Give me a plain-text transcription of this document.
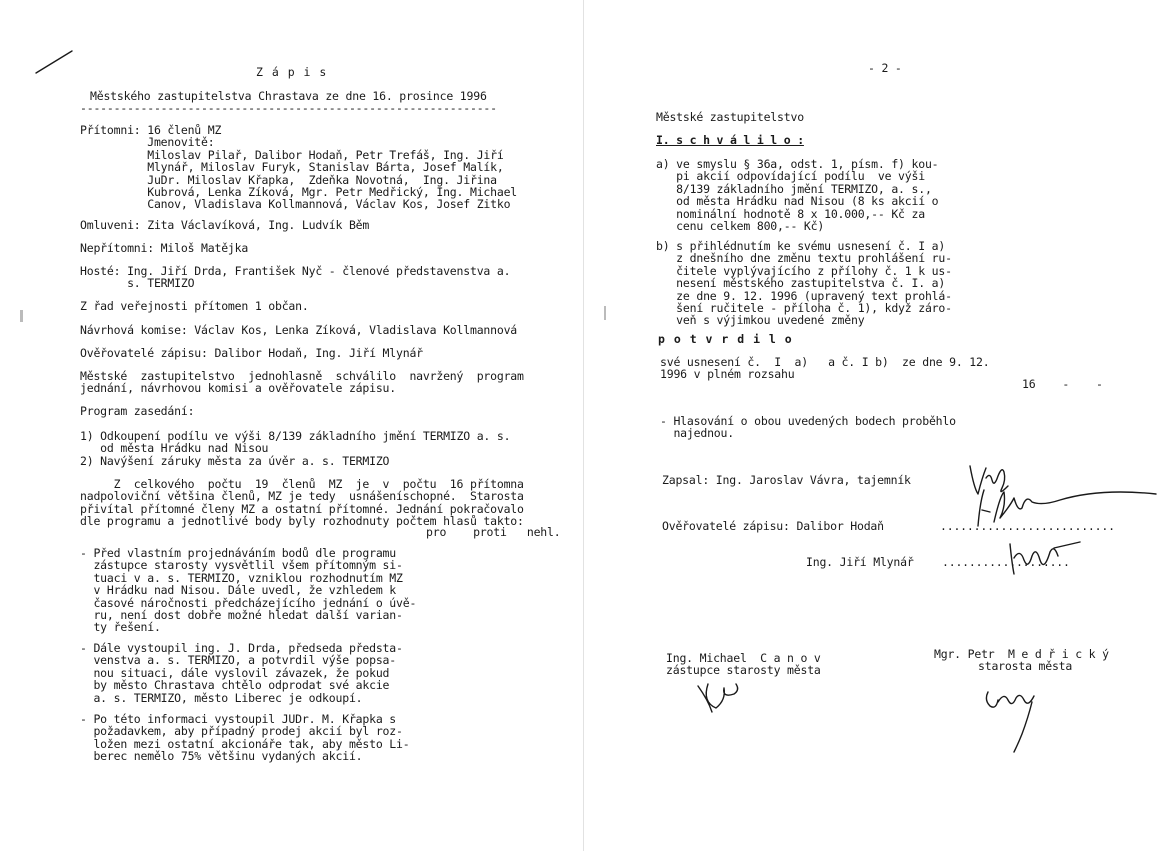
Z á p i s
Městského zastupitelstva Chrastava ze dne 16. prosince 1996
--------------------------------------------------------------
Přítomni: 16 členů MZ
Jmenovitě:
Miloslav Pilař, Dalibor Hodaň, Petr Trefáš, Ing. Jiří
Mlynář, Miloslav Furyk, Stanislav Bárta, Josef Malík,
JuDr. Miloslav Křapka,  Zdeňka Novotná,  Ing. Jiřina
Kubrová, Lenka Zíková, Mgr. Petr Medřický, Ing. Michael
Canov, Vladislava Kollmannová, Václav Kos, Josef Zitko
Omluveni: Zita Václavíková, Ing. Ludvík Běm
Nepřítomni: Miloš Matějka
Hosté: Ing. Jiří Drda, František Nyč - členové představenstva a.
s. TERMIZO
Z řad veřejnosti přítomen 1 občan.
Návrhová komise: Václav Kos, Lenka Zíková, Vladislava Kollmannová
Ověřovatelé zápisu: Dalibor Hodaň, Ing. Jiří Mlynář
Městské  zastupitelstvo  jednohlasně  schválilo  navržený  program
jednání, návrhovou komisi a ověřovatele zápisu.
Program zasedání:
1) Odkoupení podílu ve výši 8/139 základního jmění TERMIZO a. s.
od města Hrádku nad Nisou
2) Navýšení záruky města za úvěr a. s. TERMIZO
Z  celkového  počtu  19  členů  MZ  je  v  počtu  16 přítomna
nadpoloviční většina členů, MZ je tedy  usnášeníschopné.  Starosta
přivítal přítomné členy MZ a ostatní přítomné. Jednání pokračovalo
dle programu a jednotlivé body byly rozhodnuty počtem hlasů takto:
pro    proti   nehl.
- Před vlastním projednáváním bodů dle programu
zástupce starosty vysvětlil všem přítomným si-
tuaci v a. s. TERMIZO, vzniklou rozhodnutím MZ
v Hrádku nad Nisou. Dále uvedl, že vzhledem k
časové náročnosti předcházejícího jednání o úvě-
ru, není dost dobře možné hledat další varian-
ty řešení.
- Dále vystoupil ing. J. Drda, předseda předsta-
venstva a. s. TERMIZO, a potvrdil výše popsa-
nou situaci, dále vyslovil závazek, že pokud
by město Chrastava chtělo odprodat své akcie
a. s. TERMIZO, město Liberec je odkoupí.
- Po této informaci vystoupil JUDr. M. Křapka s
požadavkem, aby případný prodej akcií byl roz-
ložen mezi ostatní akcionáře tak, aby město Li-
berec nemělo 75% většinu vydaných akcií.
- 2 -
Městské zastupitelstvo
I. s c h v á l i l o :
a) ve smyslu § 36a, odst. 1, písm. f) kou-
pi akcií odpovídající podílu  ve výši
8/139 základního jmění TERMIZO, a. s.,
od města Hrádku nad Nisou (8 ks akcií o
nominální hodnotě 8 x 10.000,-- Kč za
cenu celkem 800,-- Kč)
b) s přihlédnutím ke svému usnesení č. I a)
z dnešního dne změnu textu prohlášení ru-
čitele vyplývajícího z přílohy č. 1 k us-
nesení městského zastupitelstva č. I. a)
ze dne 9. 12. 1996 (upravený text prohlá-
šení ručitele - příloha č. 1), když záro-
veň s výjimkou uvedené změny
p o t v r d i l o
své usnesení č.  I  a)   a č. I b)  ze dne 9. 12.
1996 v plném rozsahu
16    -    -
- Hlasování o obou uvedených bodech proběhlo
najednou.
Zapsal: Ing. Jaroslav Vávra, tajemník
Ověřovatelé zápisu: Dalibor Hodaň	..........................
Ing. Jiří Mlynář ...................
Ing. Michael  C a n o v
zástupce starosty města
Mgr. Petr  M e d ř i c k ý
starosta města
